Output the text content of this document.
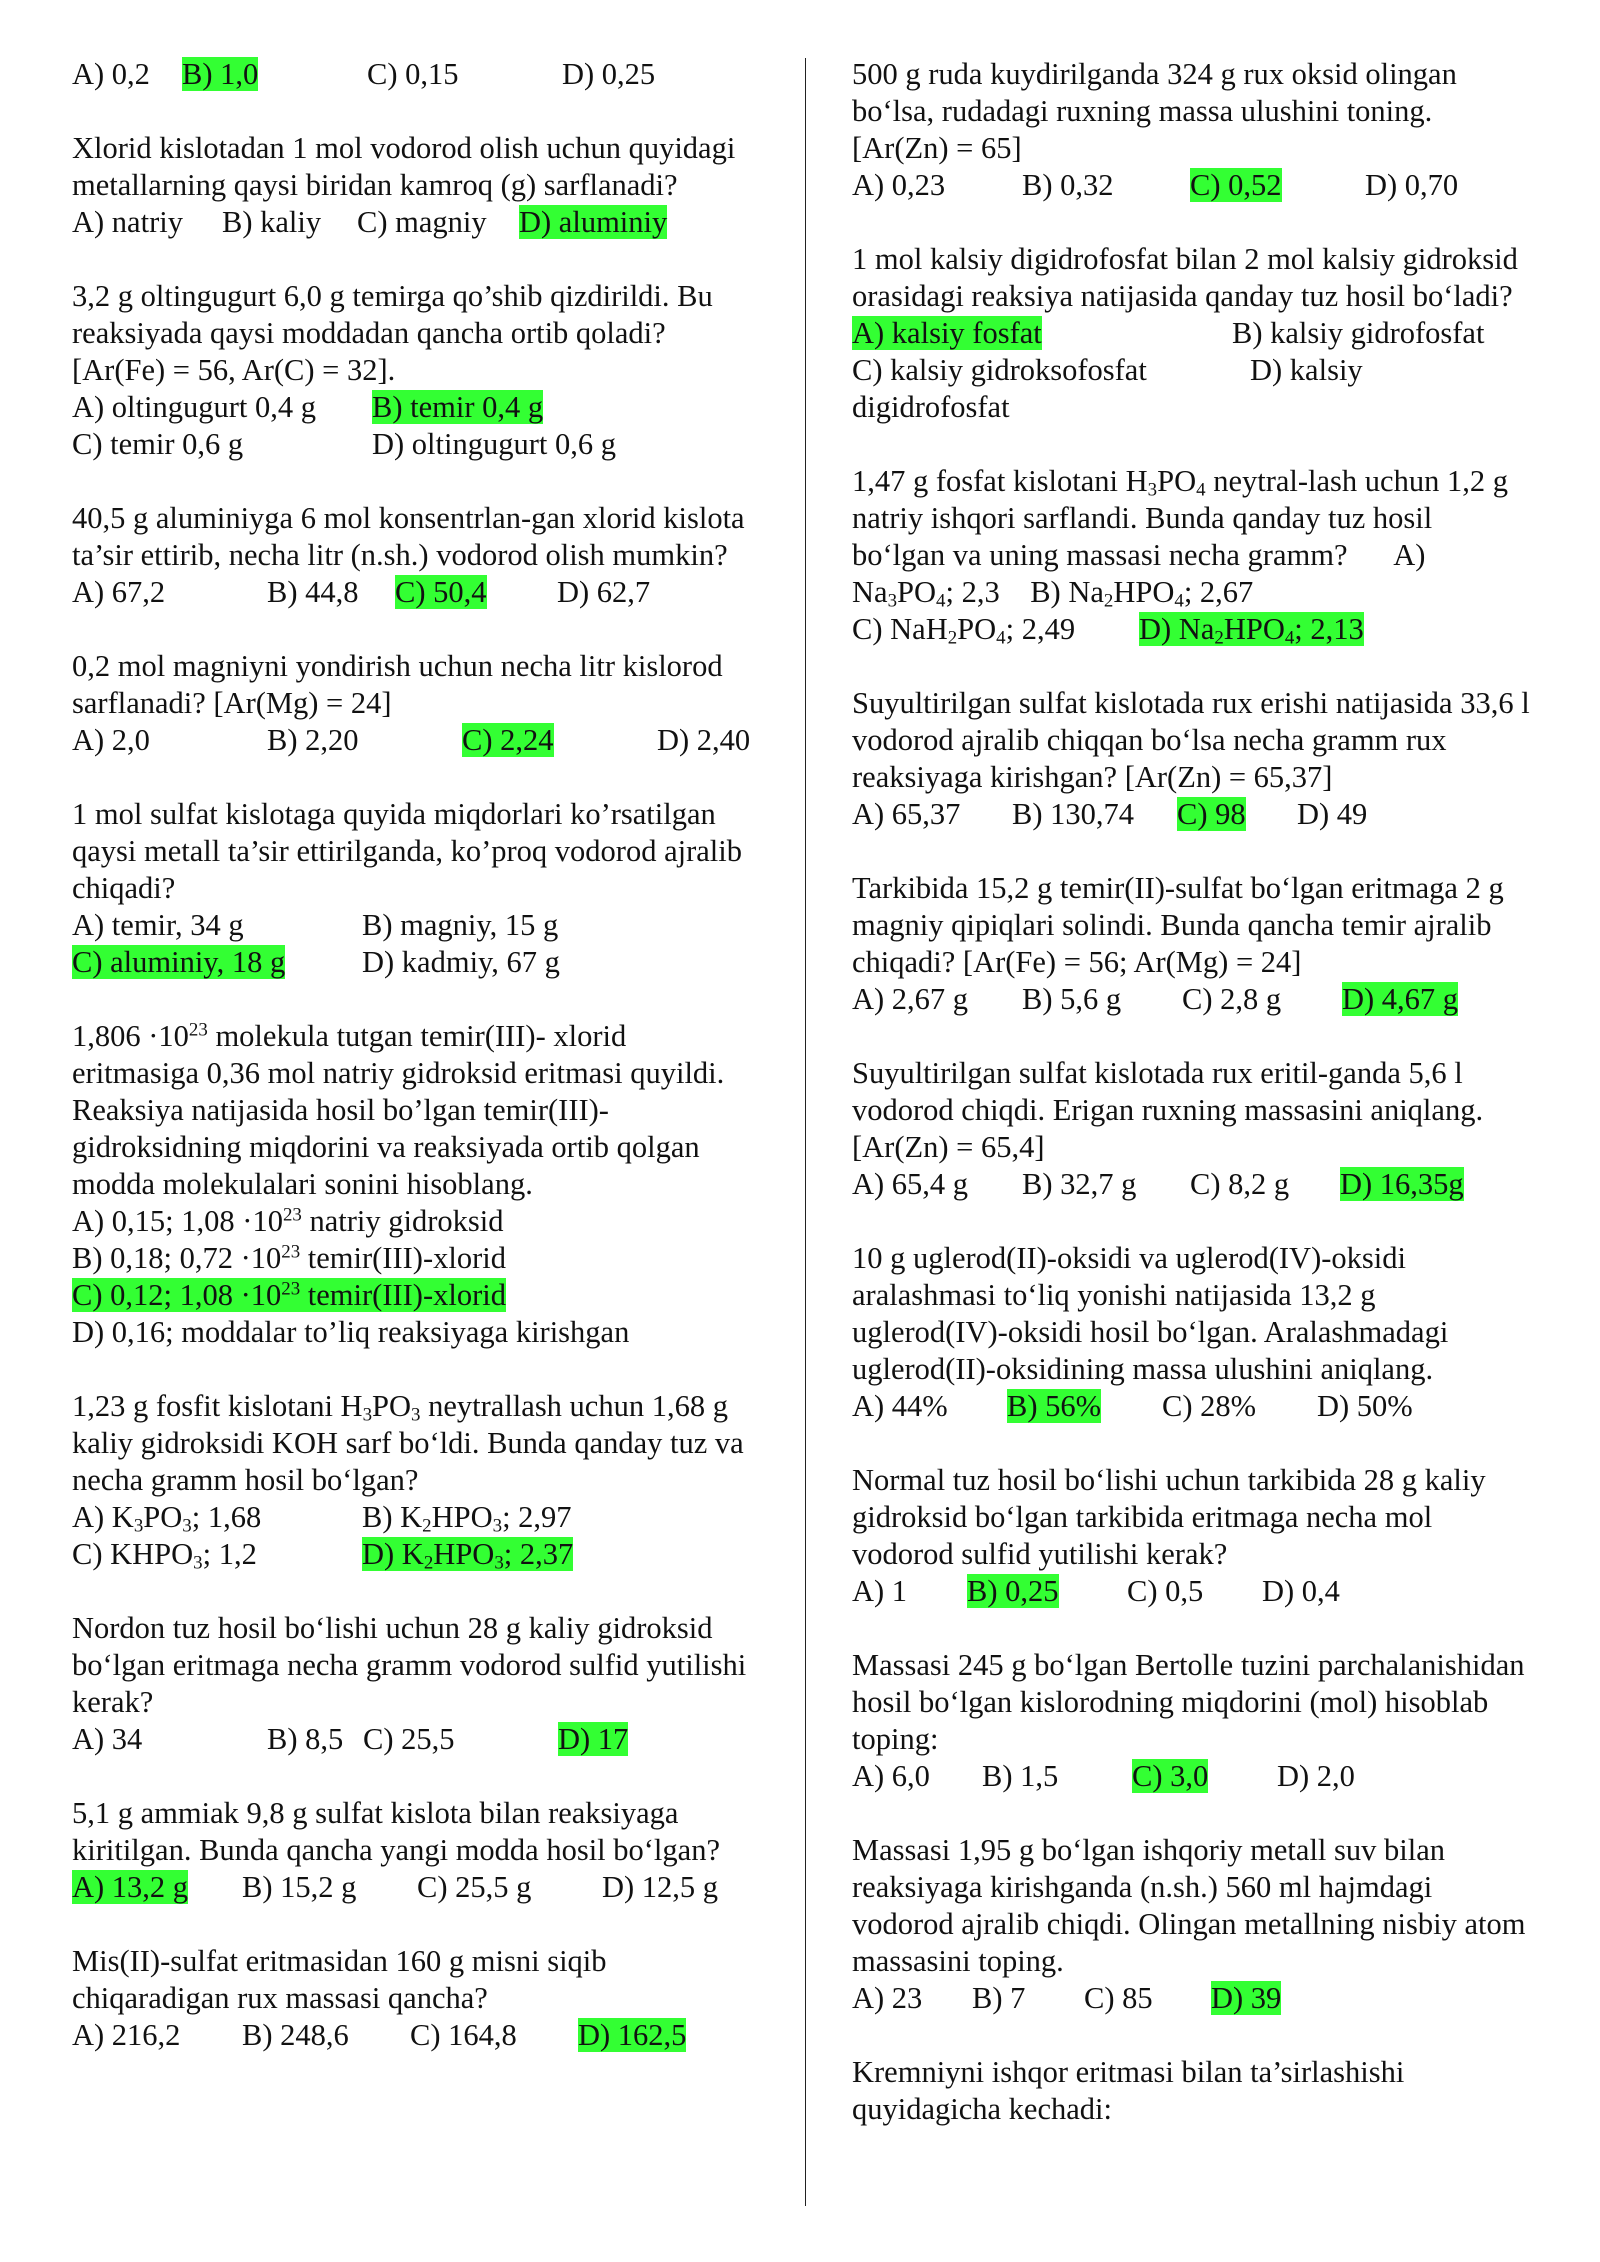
A) 0,2 B) 1,0	C) 0,15	D) 0,25

Xlorid kislotadan 1 mol vodorod olish uchun quyidagi metallarning qaysi biridan kamroq (g) sarflanadi?

A) natriy B) kaliy C) magniy D) aluminiy

3,2 g oltingugurt 6,0 g temirga qo’shib qizdirildi. Bu reaksiyada qaysi moddadan qancha ortib qoladi? [Ar(Fe) = 56, Ar(C) = 32].

A) oltingugurt 0,4 g B) temir 0,4 g
C) temir 0,6 g	D) oltingugurt 0,6 g

40,5 g aluminiyga 6 mol konsentrlan-gan xlorid kislota ta’sir ettirib, necha litr (n.sh.) vodorod olish mumkin?

A) 67,2	B) 44,8 C) 50,4 D) 62,7

0,2 mol magniyni yondirish uchun necha litr kislorod sarflanadi? [Ar(Mg) = 24]

A) 2,0	B) 2,20	C) 2,24	D) 2,40

1 mol sulfat kislotaga quyida miqdorlari ko’rsatilgan qaysi metall ta’sir ettirilganda, ko’proq vodorod ajralib chiqadi?

A) temir, 34 g	B) magniy, 15 g
C) aluminiy, 18 g	D) kadmiy, 67 g

$1,806 \cdot 10^{23}$ molekula tutgan temir(III)- xlorid eritmasiga 0,36 mol natriy gidroksid eritmasi quyildi. Reaksiya natijasida hosil bo’lgan temir(III)-gidroksidning miqdorini va reaksiyada ortib qolgan modda molekulalari sonini hisoblang.

A) 0,15; $1,08 \cdot 10^{23}$ natriy gidroksid
B) 0,18; $0,72 \cdot 10^{23}$ temir(III)-xlorid
C) 0,12; $1,08 \cdot 10^{23}$ temir(III)-xlorid
D) 0,16; moddalar to’liq reaksiyaga kirishgan

1,23 g fosfit kislotani $H_3PO_3$ neytrallash uchun 1,68 g kaliy gidroksidi KOH sarf bo‘ldi. Bunda qanday tuz va necha gramm hosil bo‘lgan?

A) $K_3PO_3$; 1,68	B) $K_2HPO_3$; 2,97
C) $KHPO_3$; 1,2	D) $K_2HPO_3$; 2,37

Nordon tuz hosil bo‘lishi uchun 28 g kaliy gidroksid bo‘lgan eritmaga necha gramm vodorod sulfid yutilishi kerak?

A) 34	B) 8,5 C) 25,5	D) 17

5,1 g ammiak 9,8 g sulfat kislota bilan reaksiyaga kiritilgan. Bunda qancha yangi modda hosil bo‘lgan?

A) 13,2 g B) 15,2 g C) 25,5 g D) 12,5 g

Mis(II)-sulfat eritmasidan 160 g misni siqib chiqaradigan rux massasi qancha?

A) 216,2 B) 248,6 C) 164,8 D) 162,5

500 g ruda kuydirilganda 324 g rux oksid olingan bo‘lsa, rudadagi ruxning massa ulushini toning. [Ar(Zn) = 65]

A) 0,23	B) 0,32	C) 0,52	D) 0,70

1 mol kalsiy digidrofosfat bilan 2 mol kalsiy gidroksid orasidagi reaksiya natijasida qanday tuz hosil bo‘ladi?

A) kalsiy fosfat	B) kalsiy gidrofosfat
C) kalsiy gidroksofosfat	D) kalsiy
digidrofosfat

1,47 g fosfat kislotani $H_3PO_4$ neytral-lash uchun 1,2 g natriy ishqori sarflandi. Bunda qanday tuz hosil bo‘lgan va uning massasi necha gramm?      A) $Na_3PO_4$; 2,3    B) $Na_2HPO_4$; 2,67

C) $NaH_2PO_4$; 2,49 D) $Na_2HPO_4$; 2,13

Suyultirilgan sulfat kislotada rux erishi natijasida 33,6 l vodorod ajralib chiqqan bo‘lsa necha gramm rux reaksiyaga kirishgan? [Ar(Zn) = 65,37]

A) 65,37 B) 130,74 C) 98 D) 49

Tarkibida 15,2 g temir(II)-sulfat bo‘lgan eritmaga 2 g magniy qipiqlari solindi. Bunda qancha temir ajralib chiqadi? [Ar(Fe) = 56; Ar(Mg) = 24]

A) 2,67 g B) 5,6 g C) 2,8 g D) 4,67 g

Suyultirilgan sulfat kislotada rux eritil-ganda 5,6 l vodorod chiqdi. Erigan ruxning massasini aniqlang. [Ar(Zn) = 65,4]

A) 65,4 g B) 32,7 g C) 8,2 g D) 16,35g

10 g uglerod(II)-oksidi va uglerod(IV)-oksidi aralashmasi to‘liq yonishi natijasida 13,2 g uglerod(IV)-oksidi hosil bo‘lgan. Aralashmadagi uglerod(II)-oksidining massa ulushini aniqlang.

A) 44% B) 56% C) 28% D) 50%

Normal tuz hosil bo‘lishi uchun tarkibida 28 g kaliy gidroksid bo‘lgan tarkibida eritmaga necha mol vodorod sulfid yutilishi kerak?

A) 1 B) 0,25 C) 0,5 D) 0,4

Massasi 245 g bo‘lgan Bertolle tuzini parchalanishidan hosil bo‘lgan kislorodning miqdorini (mol) hisoblab toping:

A) 6,0 B) 1,5 C) 3,0 D) 2,0

Massasi 1,95 g bo‘lgan ishqoriy metall suv bilan reaksiyaga kirishganda (n.sh.) 560 ml hajmdagi vodorod ajralib chiqdi. Olingan metallning nisbiy atom massasini toping.

A) 23 B) 7 C) 85 D) 39

Kremniyni ishqor eritmasi bilan ta’sirlashishi quyidagicha kechadi:
